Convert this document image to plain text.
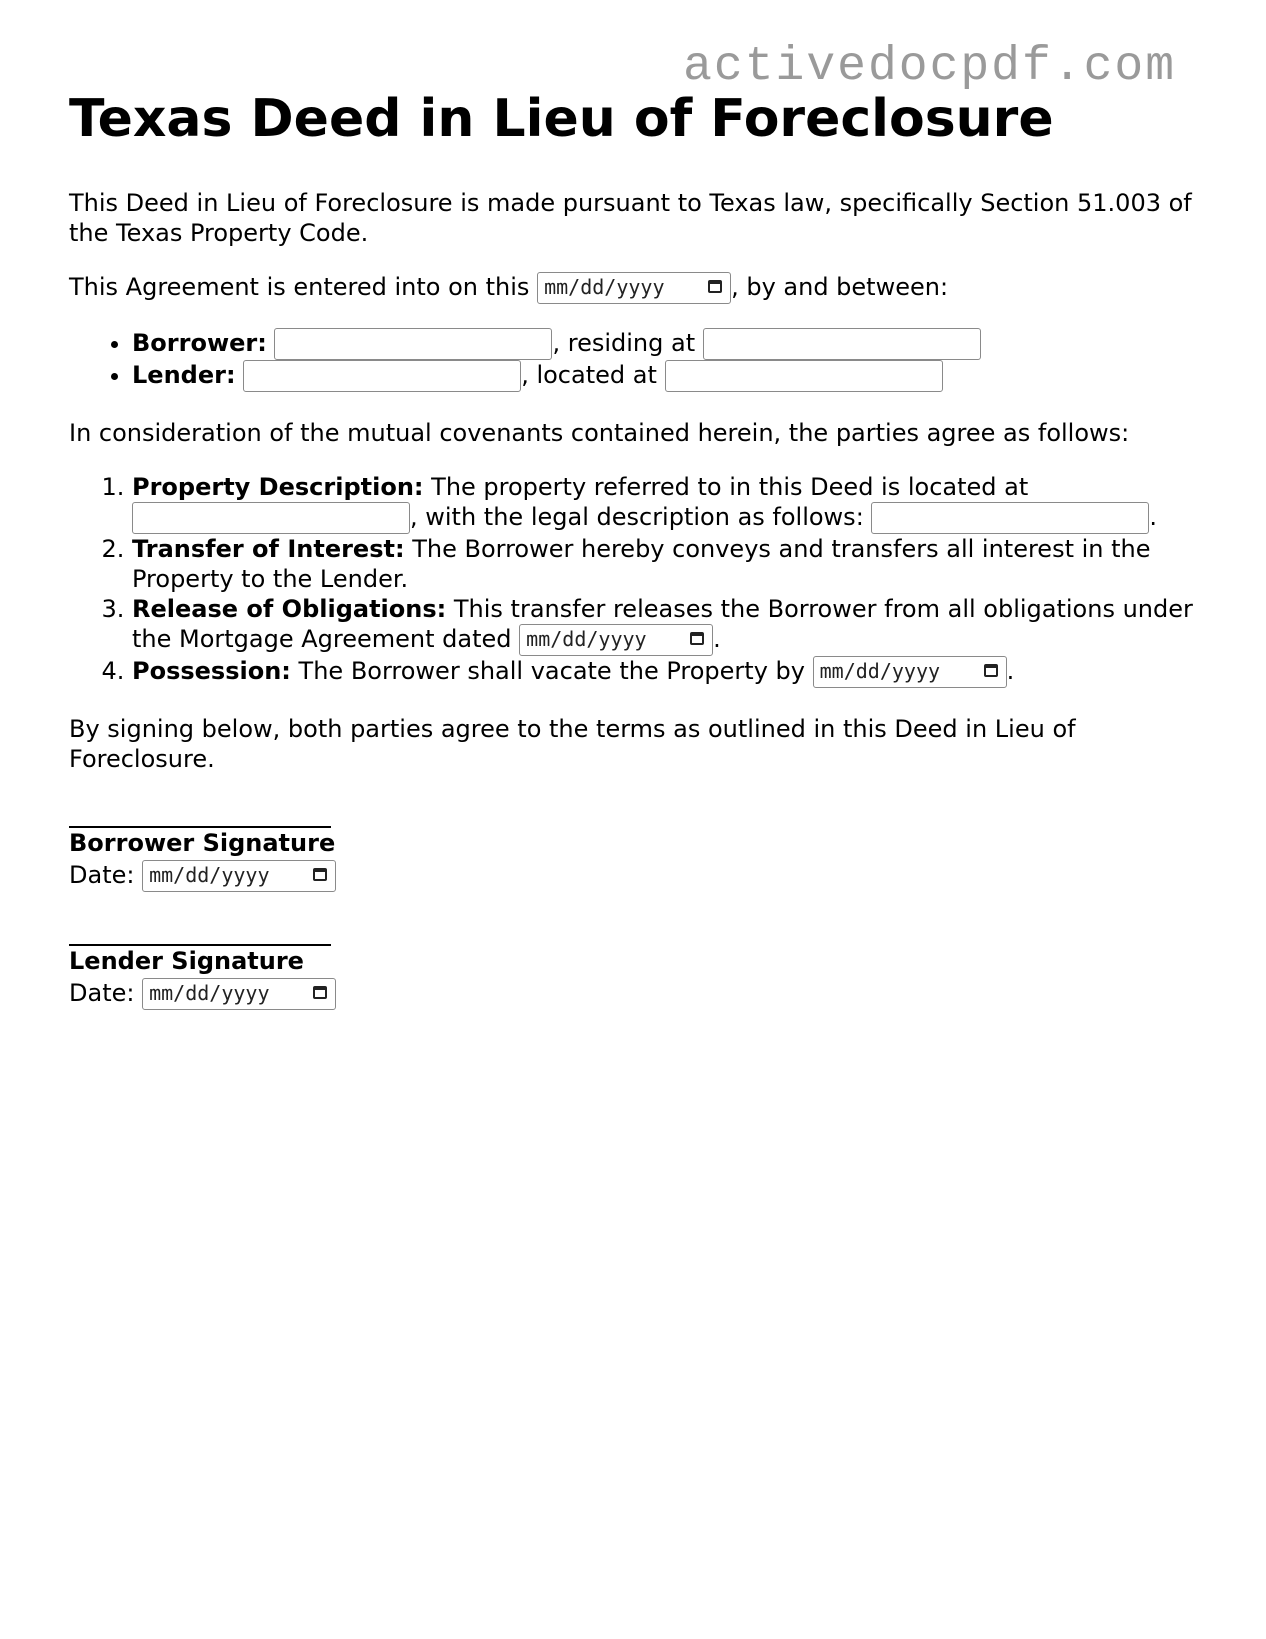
activedocpdf.com
Texas Deed in Lieu of Foreclosure

This Deed in Lieu of Foreclosure is made pursuant to Texas law, specifically Section 51.003 of the Texas Property Code.

This Agreement is entered into on this mm/dd/yyyy	, by and between:

• Borrower:	, residing at
• Lender:	, located at

In consideration of the mutual covenants contained herein, the parties agree as follows:

1. Property Description: The property referred to in this Deed is located at , with the legal description as follows:	.
2. Transfer of Interest: The Borrower hereby conveys and transfers all interest in the Property to the Lender.
3. Release of Obligations: This transfer releases the Borrower from all obligations under the Mortgage Agreement dated mm/dd/yyyy	.
4. Possession: The Borrower shall vacate the Property by mm/dd/yyyy	.

By signing below, both parties agree to the terms as outlined in this Deed in Lieu of Foreclosure.

Borrower Signature
Date: mm/dd/yyyy
Lender Signature
Date: mm/dd/yyyy
